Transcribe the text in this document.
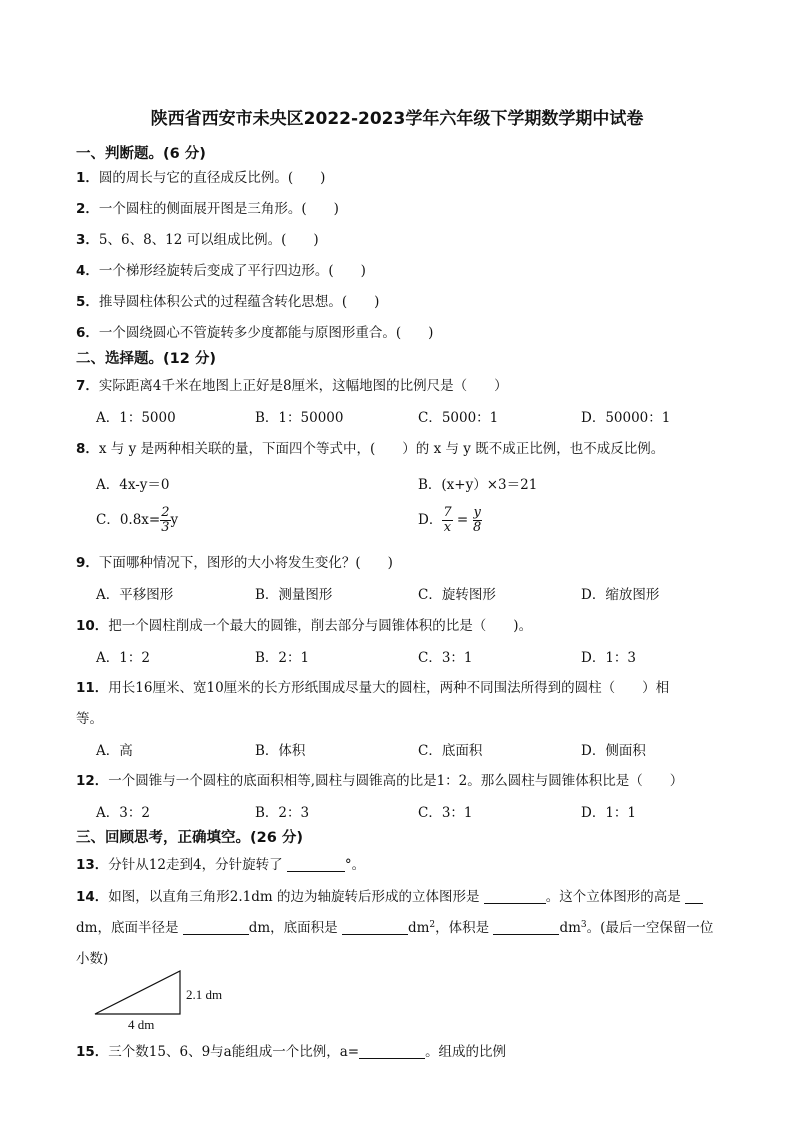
陕西省西安市未央区2022-2023学年六年级下学期数学期中试卷
一、判断题。(6 分)
1．圆的周长与它的直径成反比例。(　　)
2．一个圆柱的侧面展开图是三角形。(　　)
3．5、6、8、12 可以组成比例。(　　)
4．一个梯形经旋转后变成了平行四边形。(　　)
5．推导圆柱体积公式的过程蕴含转化思想。(　　)
6．一个圆绕圆心不管旋转多少度都能与原图形重合。(　　)
二、选择题。(12 分)
7．实际距离4千米在地图上正好是8厘米，这幅地图的比例尺是（　　）
A．1：5000	B．1：50000	C．5000：1	D．50000：1
8．x 与 y 是两种相关联的量，下面四个等式中，(　　）的 x 与 y 既不成正比例，也不成反比例。
A．4x-y＝0	B．(x+y）×3＝21
C．$0.8x= \frac{2}{3}$ y	D． $\frac{7}{x} = \frac{y}{8}$
9．下面哪种情况下，图形的大小将发生变化？(　　)
A．平移图形	B．测量图形	C．旋转图形	D．缩放图形
10．把一个圆柱削成一个最大的圆锥，削去部分与圆锥体积的比是（　　)。
A．1：2	B．2：1	C．3：1	D．1：3
11．用长16厘米、宽10厘米的长方形纸围成尽量大的圆柱，两种不同围法所得到的圆柱（　　）相
等。
A．高	B．体积	C．底面积	D．侧面积
12．一个圆锥与一个圆柱的底面积相等,圆柱与圆锥高的比是1：2。那么圆柱与圆锥体积比是（　　）
A．3：2	B．2：3	C．3：1	D．1：1
三、回顾思考，正确填空。(26 分)
13．分针从12走到4，分针旋转了	°。
14．如图，以直角三角形2.1dm 的边为轴旋转后形成的立体图形是	。这个立体图形的高是
dm，底面半径是	dm，底面积是	$dm^2$，体积是	$dm^3$。(最后一空保留一位
小数)
2.1 dm
4 dm
15．三个数15、6、9与a能组成一个比例，a=	。组成的比例
